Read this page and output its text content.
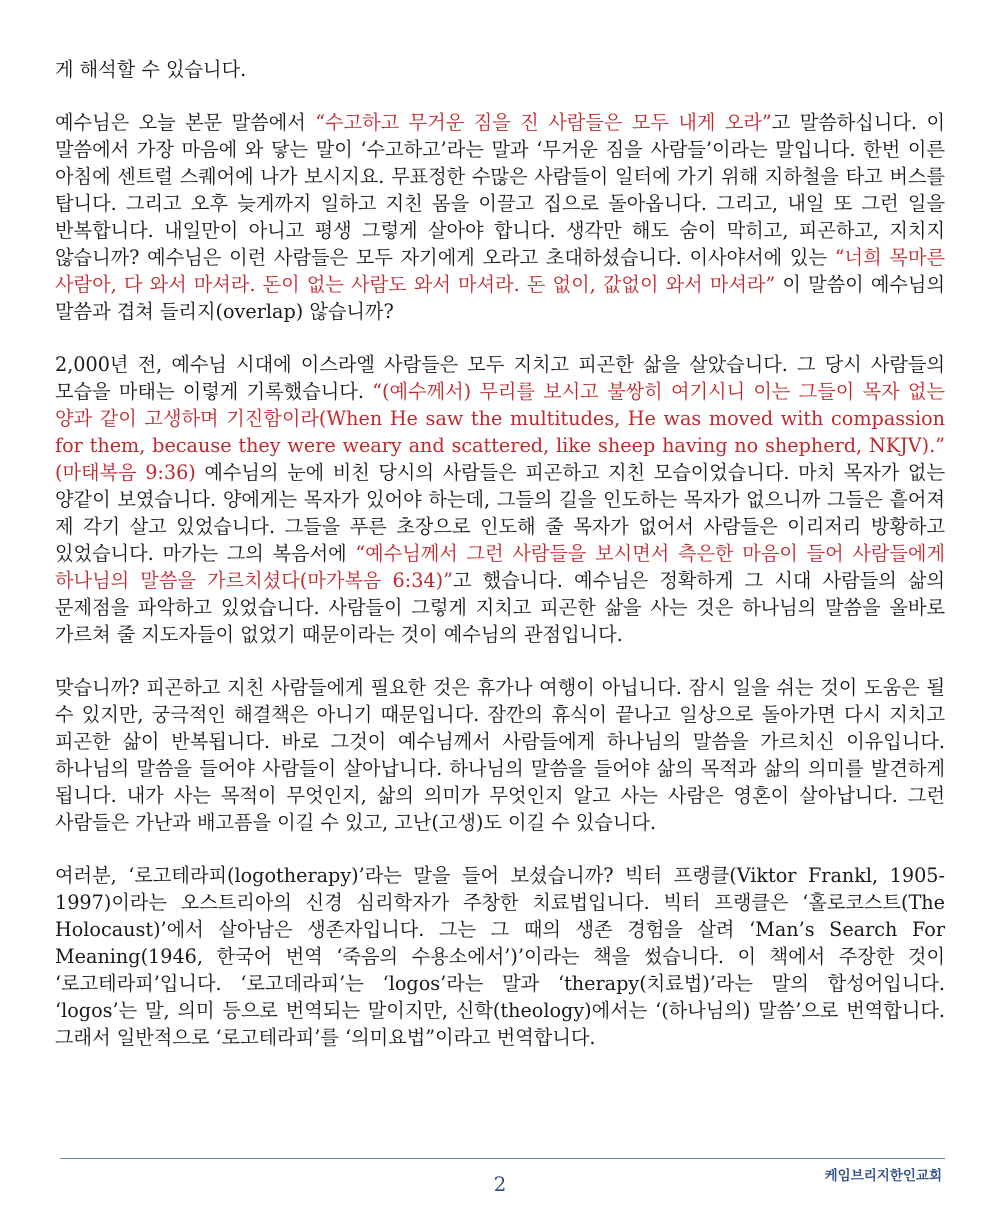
게 해석할 수 있습니다.

예수님은 오늘 본문 말씀에서 “수고하고 무거운 짐을 진 사람들은 모두 내게 오라”고 말씀하십니다. 이 말씀에서 가장 마음에 와 닿는 말이 ‘수고하고’라는 말과 ‘무거운 짐을 사람들’이라는 말입니다. 한번 이른 아침에 센트럴 스퀘어에 나가 보시지요. 무표정한 수많은 사람들이 일터에 가기 위해 지하철을 타고 버스를 탑니다. 그리고 오후 늦게까지 일하고 지친 몸을 이끌고 집으로 돌아옵니다. 그리고, 내일 또 그런 일을 반복합니다. 내일만이 아니고 평생 그렇게 살아야 합니다. 생각만 해도 숨이 막히고, 피곤하고, 지치지 않습니까? 예수님은 이런 사람들은 모두 자기에게 오라고 초대하셨습니다. 이사야서에 있는 “너희 목마른 사람아, 다 와서 마셔라. 돈이 없는 사람도 와서 마셔라. 돈 없이, 값없이 와서 마셔라” 이 말씀이 예수님의 말씀과 겹쳐 들리지(overlap) 않습니까?

2,000년 전, 예수님 시대에 이스라엘 사람들은 모두 지치고 피곤한 삶을 살았습니다. 그 당시 사람들의 모습을 마태는 이렇게 기록했습니다. “(예수께서) 무리를 보시고 불쌍히 여기시니 이는 그들이 목자 없는 양과 같이 고생하며 기진함이라(When He saw the multitudes, He was moved with compassion for them, because they were weary and scattered, like sheep having no shepherd, NKJV).” (마태복음 9:36) 예수님의 눈에 비친 당시의 사람들은 피곤하고 지친 모습이었습니다. 마치 목자가 없는 양같이 보였습니다. 양에게는 목자가 있어야 하는데, 그들의 길을 인도하는 목자가 없으니까 그들은 흩어져 제 각기 살고 있었습니다. 그들을 푸른 초장으로 인도해 줄 목자가 없어서 사람들은 이리저리 방황하고 있었습니다. 마가는 그의 복음서에 “예수님께서 그런 사람들을 보시면서 측은한 마음이 들어 사람들에게 하나님의 말씀을 가르치셨다(마가복음 6:34)”고 했습니다. 예수님은 정확하게 그 시대 사람들의 삶의 문제점을 파악하고 있었습니다. 사람들이 그렇게 지치고 피곤한 삶을 사는 것은 하나님의 말씀을 올바로 가르쳐 줄 지도자들이 없었기 때문이라는 것이 예수님의 관점입니다.

맞습니까? 피곤하고 지친 사람들에게 필요한 것은 휴가나 여행이 아닙니다. 잠시 일을 쉬는 것이 도움은 될 수 있지만, 궁극적인 해결책은 아니기 때문입니다. 잠깐의 휴식이 끝나고 일상으로 돌아가면 다시 지치고 피곤한 삶이 반복됩니다. 바로 그것이 예수님께서 사람들에게 하나님의 말씀을 가르치신 이유입니다. 하나님의 말씀을 들어야 사람들이 살아납니다. 하나님의 말씀을 들어야 삶의 목적과 삶의 의미를 발견하게 됩니다. 내가 사는 목적이 무엇인지, 삶의 의미가 무엇인지 알고 사는 사람은 영혼이 살아납니다. 그런 사람들은 가난과 배고픔을 이길 수 있고, 고난(고생)도 이길 수 있습니다.

여러분, ‘로고테라피(logotherapy)’라는 말을 들어 보셨습니까? 빅터 프랭클(Viktor Frankl, 1905-1997)이라는 오스트리아의 신경 심리학자가 주창한 치료법입니다. 빅터 프랭클은 ‘홀로코스트(The Holocaust)’에서 살아남은 생존자입니다. 그는 그 때의 생존 경험을 살려 ‘Man’s Search For Meaning(1946, 한국어 번역 ‘죽음의 수용소에서’)’이라는 책을 썼습니다. 이 책에서 주장한 것이 ‘로고테라피’입니다. ‘로고데라피’는 ‘logos’라는 말과 ‘therapy(치료법)’라는 말의 합성어입니다. ‘logos’는 말, 의미 등으로 번역되는 말이지만, 신학(theology)에서는 ‘(하나님의) 말씀’으로 번역합니다. 그래서 일반적으로 ‘로고테라피’를 ‘의미요법”이라고 번역합니다.

2	케임브리지한인교회
